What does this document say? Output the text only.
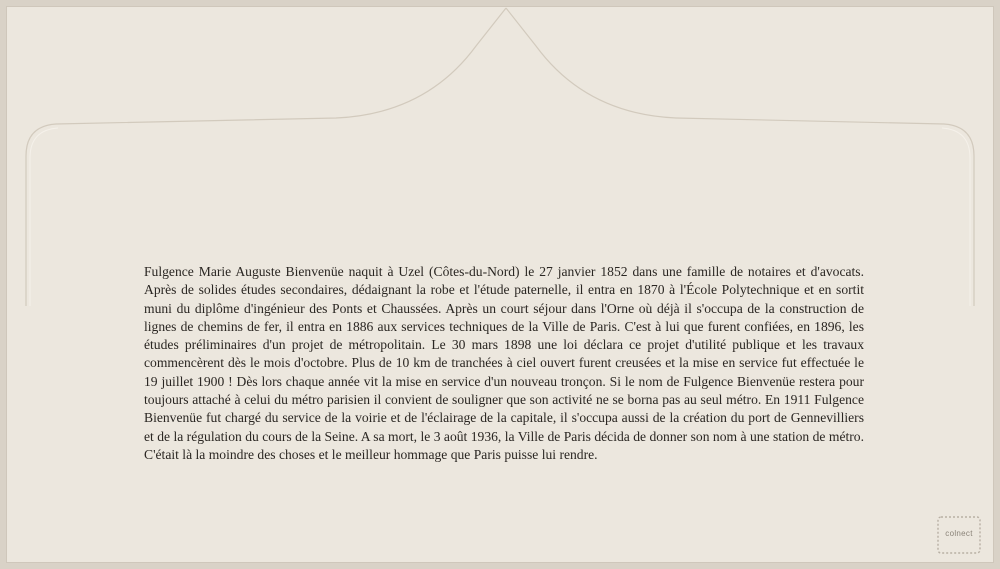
Fulgence Marie Auguste Bienvenüe naquit à Uzel (Côtes-du-Nord) le 27 janvier 1852 dans une famille de notaires et d'avocats. Après de solides études secondaires, dédaignant la robe et l'étude paternelle, il entra en 1870 à l'École Polytechnique et en sortit muni du diplôme d'ingénieur des Ponts et Chaussées. Après un court séjour dans l'Orne où déjà il s'occupa de la construction de lignes de chemins de fer, il entra en 1886 aux services techniques de la Ville de Paris. C'est à lui que furent confiées, en 1896, les études préliminaires d'un projet de métropolitain. Le 30 mars 1898 une loi déclara ce projet d'utilité publique et les travaux commencèrent dès le mois d'octobre. Plus de 10 km de tranchées à ciel ouvert furent creusées et la mise en service fut effectuée le 19 juillet 1900 ! Dès lors chaque année vit la mise en service d'un nouveau tronçon. Si le nom de Fulgence Bienvenüe restera pour toujours attaché à celui du métro parisien il convient de souligner que son activité ne se borna pas au seul métro. En 1911 Fulgence Bienvenüe fut chargé du service de la voirie et de l'éclairage de la capitale, il s'occupa aussi de la création du port de Gennevilliers et de la régulation du cours de la Seine. A sa mort, le 3 août 1936, la Ville de Paris décida de donner son nom à une station de métro. C'était là la moindre des choses et le meilleur hommage que Paris puisse lui rendre.
colnect
